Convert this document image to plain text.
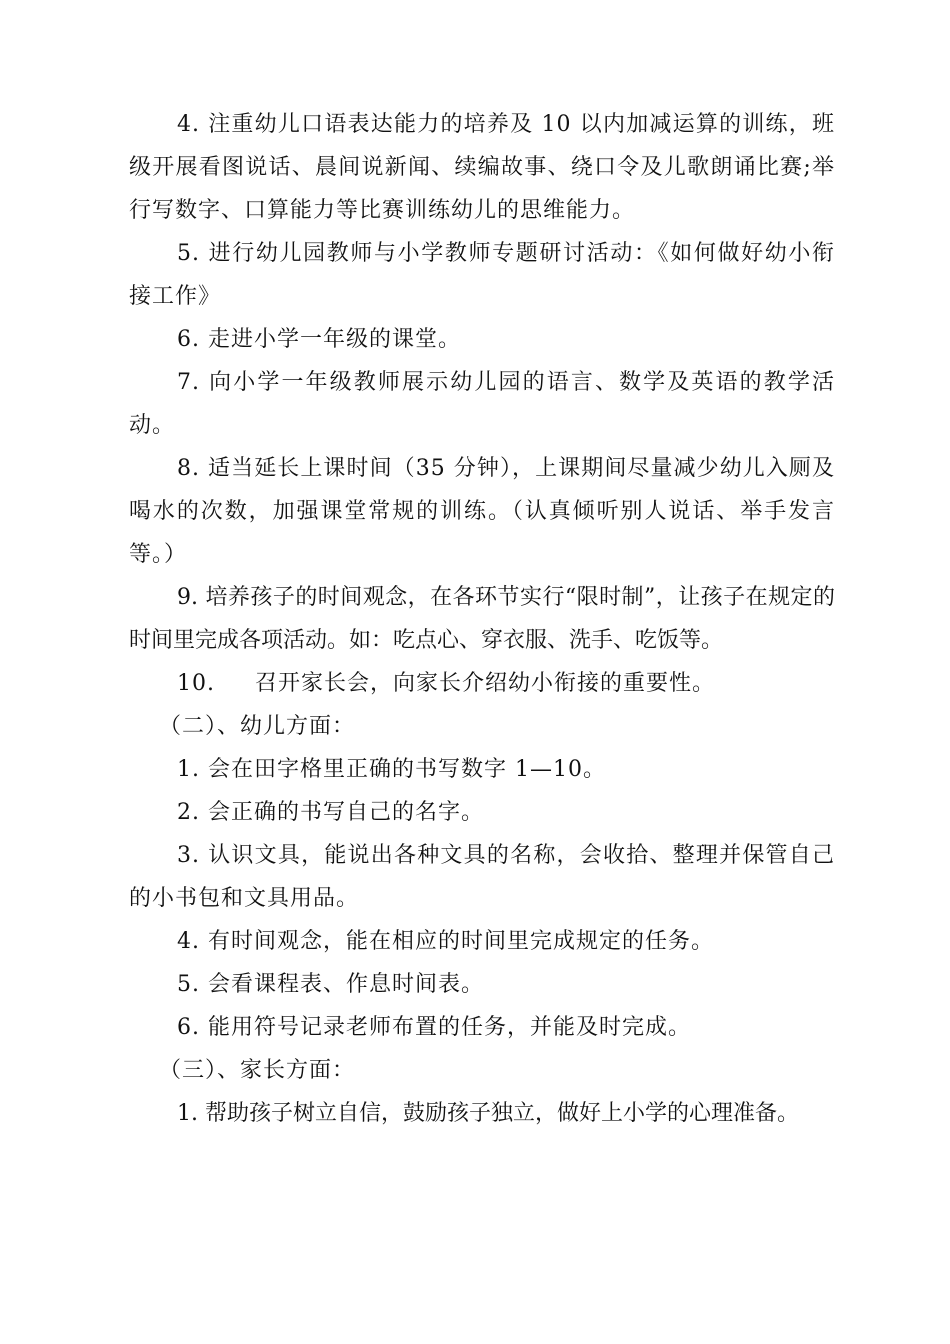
4. 注重幼儿口语表达能力的培养及 10 以内加减运算的训练，班级开展看图说话、晨间说新闻、续编故事、绕口令及儿歌朗诵比赛;举行写数字、口算能力等比赛训练幼儿的思维能力。

5. 进行幼儿园教师与小学教师专题研讨活动：《如何做好幼小衔接工作》

6. 走进小学一年级的课堂。

7. 向小学一年级教师展示幼儿园的语言、数学及英语的教学活动。

8. 适当延长上课时间（35 分钟），上课期间尽量减少幼儿入厕及喝水的次数，加强课堂常规的训练。（认真倾听别人说话、举手发言等。）

9. 培养孩子的时间观念，在各环节实行“限时制”，让孩子在规定的时间里完成各项活动。如：吃点心、穿衣服、洗手、吃饭等。

10. 召开家长会，向家长介绍幼小衔接的重要性。

（二）、幼儿方面：

1. 会在田字格里正确的书写数字 1—10。

2. 会正确的书写自己的名字。

3. 认识文具，能说出各种文具的名称，会收拾、整理并保管自己的小书包和文具用品。

4. 有时间观念，能在相应的时间里完成规定的任务。

5. 会看课程表、作息时间表。

6. 能用符号记录老师布置的任务，并能及时完成。

（三）、家长方面：

1. 帮助孩子树立自信，鼓励孩子独立，做好上小学的心理准备。
